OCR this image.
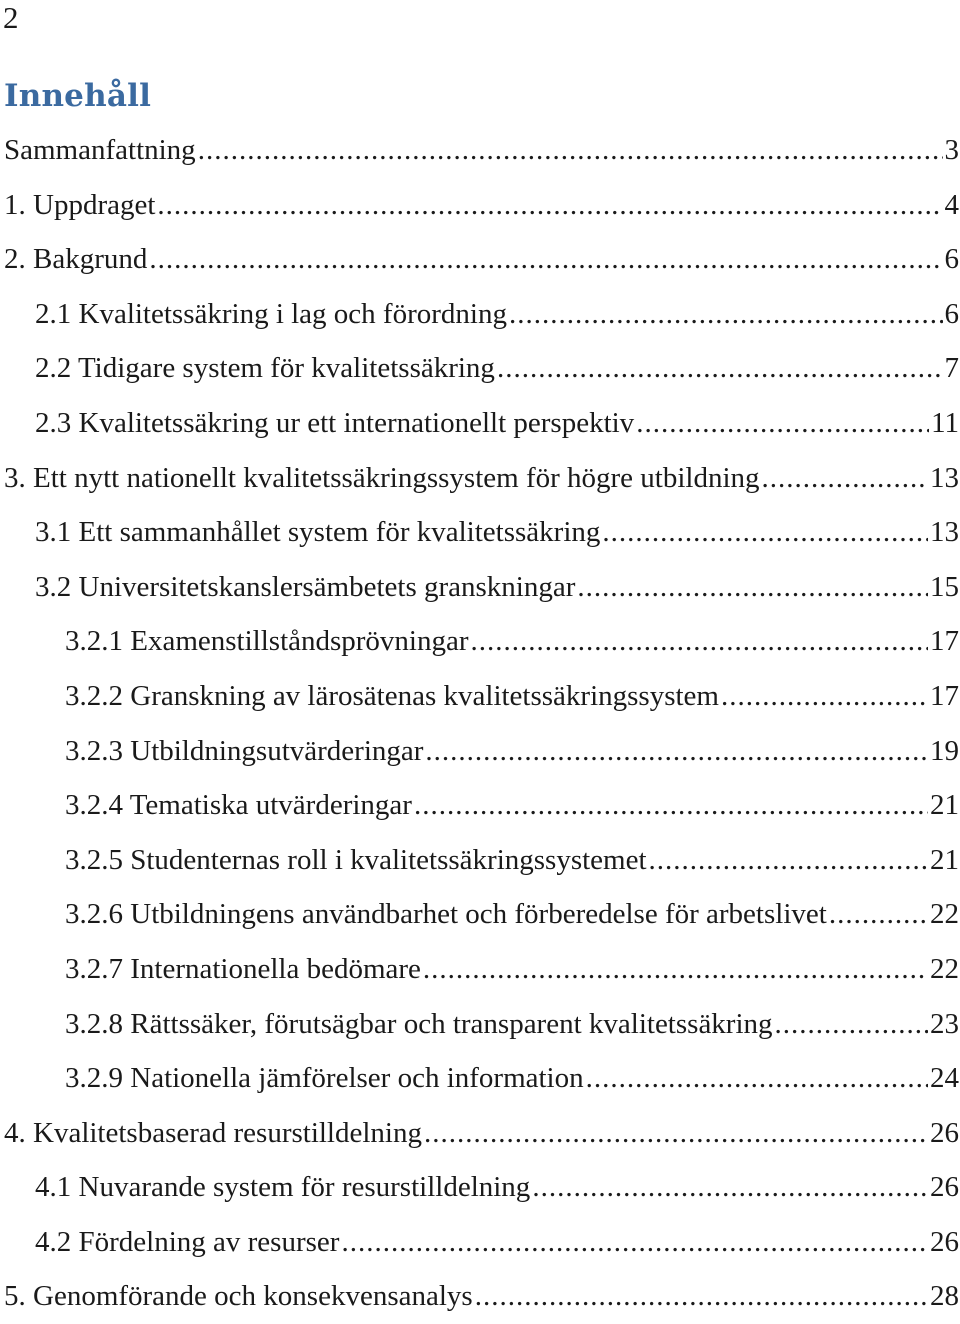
2
Innehåll
Sammanfattning .....	3
1. Uppdraget .....	4
2. Bakgrund .....	6
2.1 Kvalitetssäkring i lag och förordning .....	6
2.2 Tidigare system för kvalitetssäkring .....	7
2.3 Kvalitetssäkring ur ett internationellt perspektiv .....	11
3. Ett nytt nationellt kvalitetssäkringssystem för högre utbildning .....	13
3.1 Ett sammanhållet system för kvalitetssäkring .....	13
3.2 Universitetskanslersämbetets granskningar .....	15
3.2.1 Examenstillståndsprövningar .....	17
3.2.2 Granskning av lärosätenas kvalitetssäkringssystem .....	17
3.2.3 Utbildningsutvärderingar .....	19
3.2.4 Tematiska utvärderingar .....	21
3.2.5 Studenternas roll i kvalitetssäkringssystemet .....	21
3.2.6 Utbildningens användbarhet och förberedelse för arbetslivet .....	22
3.2.7 Internationella bedömare .....	22
3.2.8 Rättssäker, förutsägbar och transparent kvalitetssäkring .....	23
3.2.9 Nationella jämförelser och information .....	24
4. Kvalitetsbaserad resurstilldelning .....	26
4.1 Nuvarande system för resurstilldelning .....	26
4.2 Fördelning av resurser .....	26
5. Genomförande och konsekvensanalys .....	28
